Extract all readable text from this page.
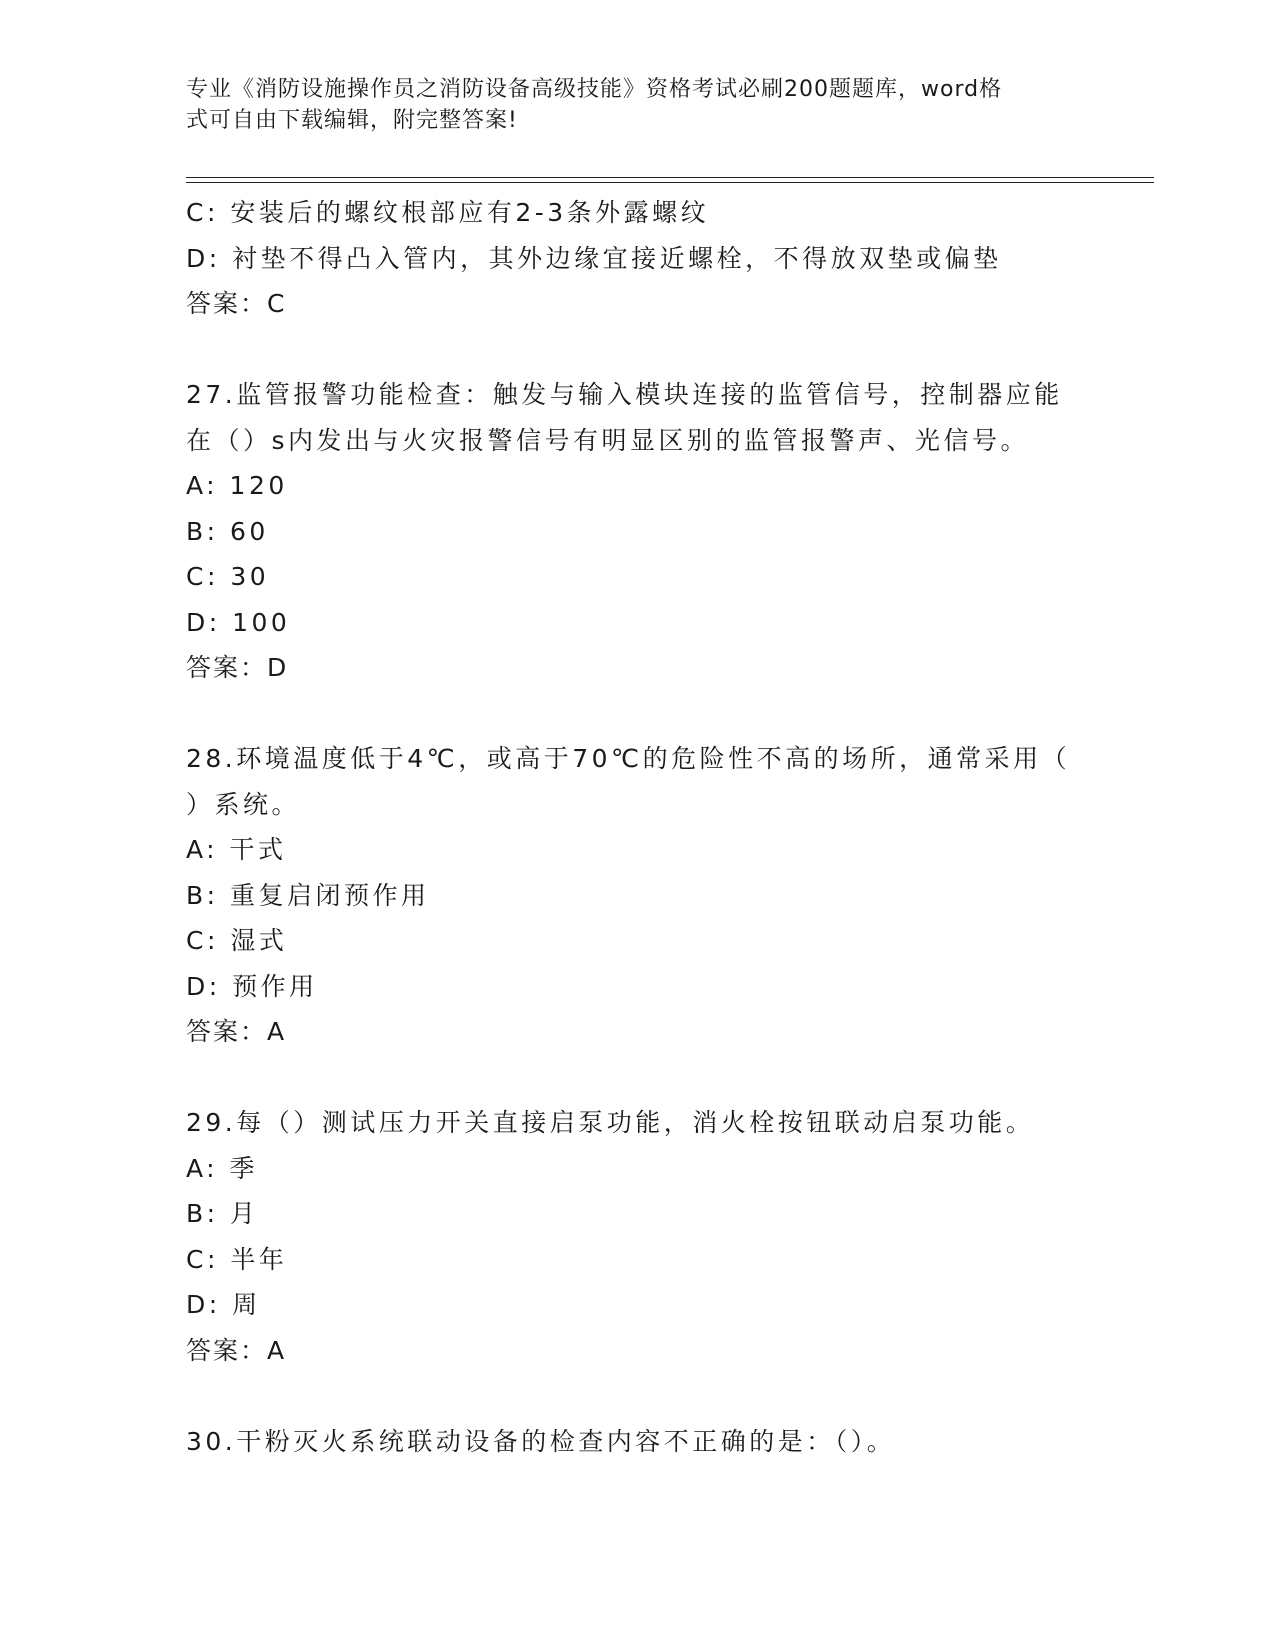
专业《消防设施操作员之消防设备高级技能》资格考试必刷200题题库，word格
式可自由下载编辑，附完整答案!
C: 安装后的螺纹根部应有2-3条外露螺纹
D: 衬垫不得凸入管内，其外边缘宜接近螺栓，不得放双垫或偏垫
答案：C
27.监管报警功能检查：触发与输入模块连接的监管信号，控制器应能
在（）s内发出与火灾报警信号有明显区别的监管报警声、光信号。
A: 120
B: 60
C: 30
D: 100
答案：D
28.环境温度低于4℃，或高于70℃的危险性不高的场所，通常采用（
）系统。
A: 干式
B: 重复启闭预作用
C: 湿式
D: 预作用
答案：A
29.每（）测试压力开关直接启泵功能，消火栓按钮联动启泵功能。
A: 季
B: 月
C: 半年
D: 周
答案：A
30.干粉灭火系统联动设备的检查内容不正确的是：（）。
